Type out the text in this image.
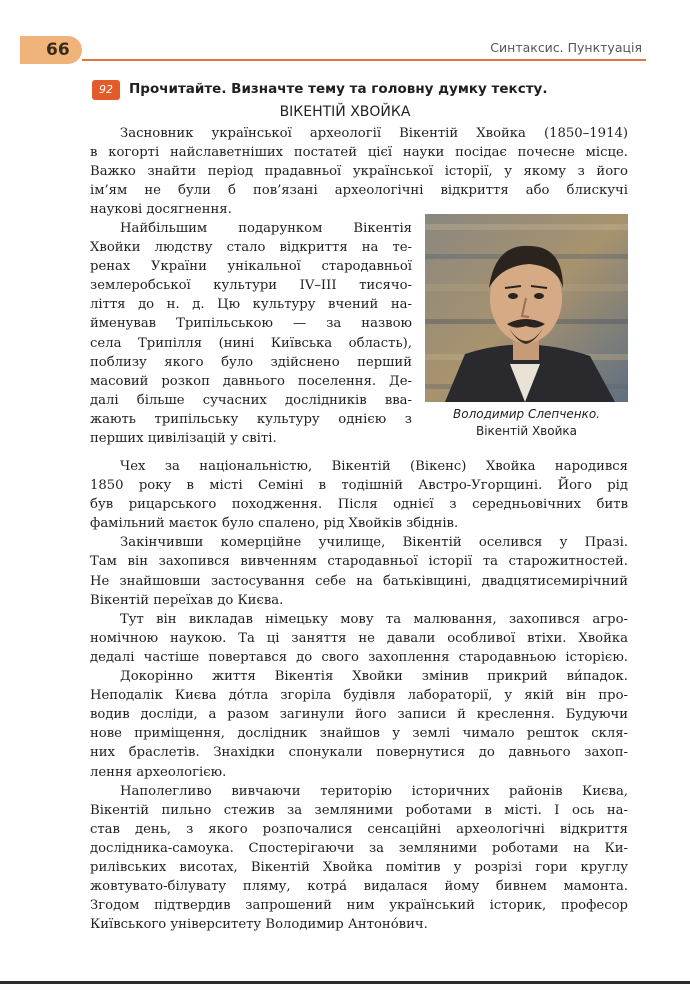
66	Синтаксис. Пунктуація
92	Прочитайте. Визначте тему та головну думку тексту.
ВІКЕНТІЙ ХВОЙКА
Засновник української археології Вікентій Хвойка (1850–1914)
в когорті найславетніших постатей цієї науки посідає почесне місце.
Важко знайти період прадавньої української історії, у якому з його
ім’ям не були б пов’язані археологічні відкриття або блискучі
наукові досягнення.
Найбільшим подарунком Вікентія
Хвойки людству стало відкриття на те-
ренах України унікальної стародавньої
землеробської культури IV–III тисячо-
ліття до н. д. Цю культуру вчений на-
йменував Трипільською — за назвою
села Трипілля (нині Київська область),
поблизу якого було здійснено перший
масовий розкоп давнього поселення. Де-
далі більше сучасних дослідників вва-
жають трипільську культуру однією з
перших цивілізацій у світі.
Володимир Слепченко.
Вікентій Хвойка
Чех за національністю, Вікентій (Вікенс) Хвойка народився
1850 року в місті Семіні в тодішній Австро-Угорщині. Його рід
був рицарського походження. Після однієї з середньовічних битв
фамільний маєток було спалено, рід Хвойків збіднів.
Закінчивши комерційне училище, Вікентій оселився у Празі.
Там він захопився вивченням стародавньої історії та старожитностей.
Не знайшовши застосування себе на батьківщині, двадцятисемирічний
Вікентій переїхав до Києва.
Тут він викладав німецьку мову та малювання, захопився агро-
номічною наукою. Та ці заняття не давали особливої втіхи. Хвойка
дедалі частіше повертався до свого захоплення стародавньою історією.
Докорінно життя Вікентія Хвойки змінив прикрий ви́падок.
Неподалік Києва до́тла згоріла будівля лабораторії, у якій він про-
водив досліди, а разом загинули його записи й креслення. Будуючи
нове приміщення, дослідник знайшов у землі чимало решток скля-
них браслетів. Знахідки спонукали повернутися до давнього захоп-
лення археологією.
Наполегливо вивчаючи територію історичних районів Києва,
Вікентій пильно стежив за земляними роботами в місті. І ось на-
став день, з якого розпочалися сенсаційні археологічні відкриття
дослідника-самоука. Спостерігаючи за земляними роботами на Ки-
рилівських висотах, Вікентій Хвойка помітив у розрізі гори круглу
жовтувато-білувату пляму, котра́ видалася йому бивнем мамонта.
Згодом підтвердив запрошений ним український історик, професор
Київського університету Володимир Антоно́вич.
